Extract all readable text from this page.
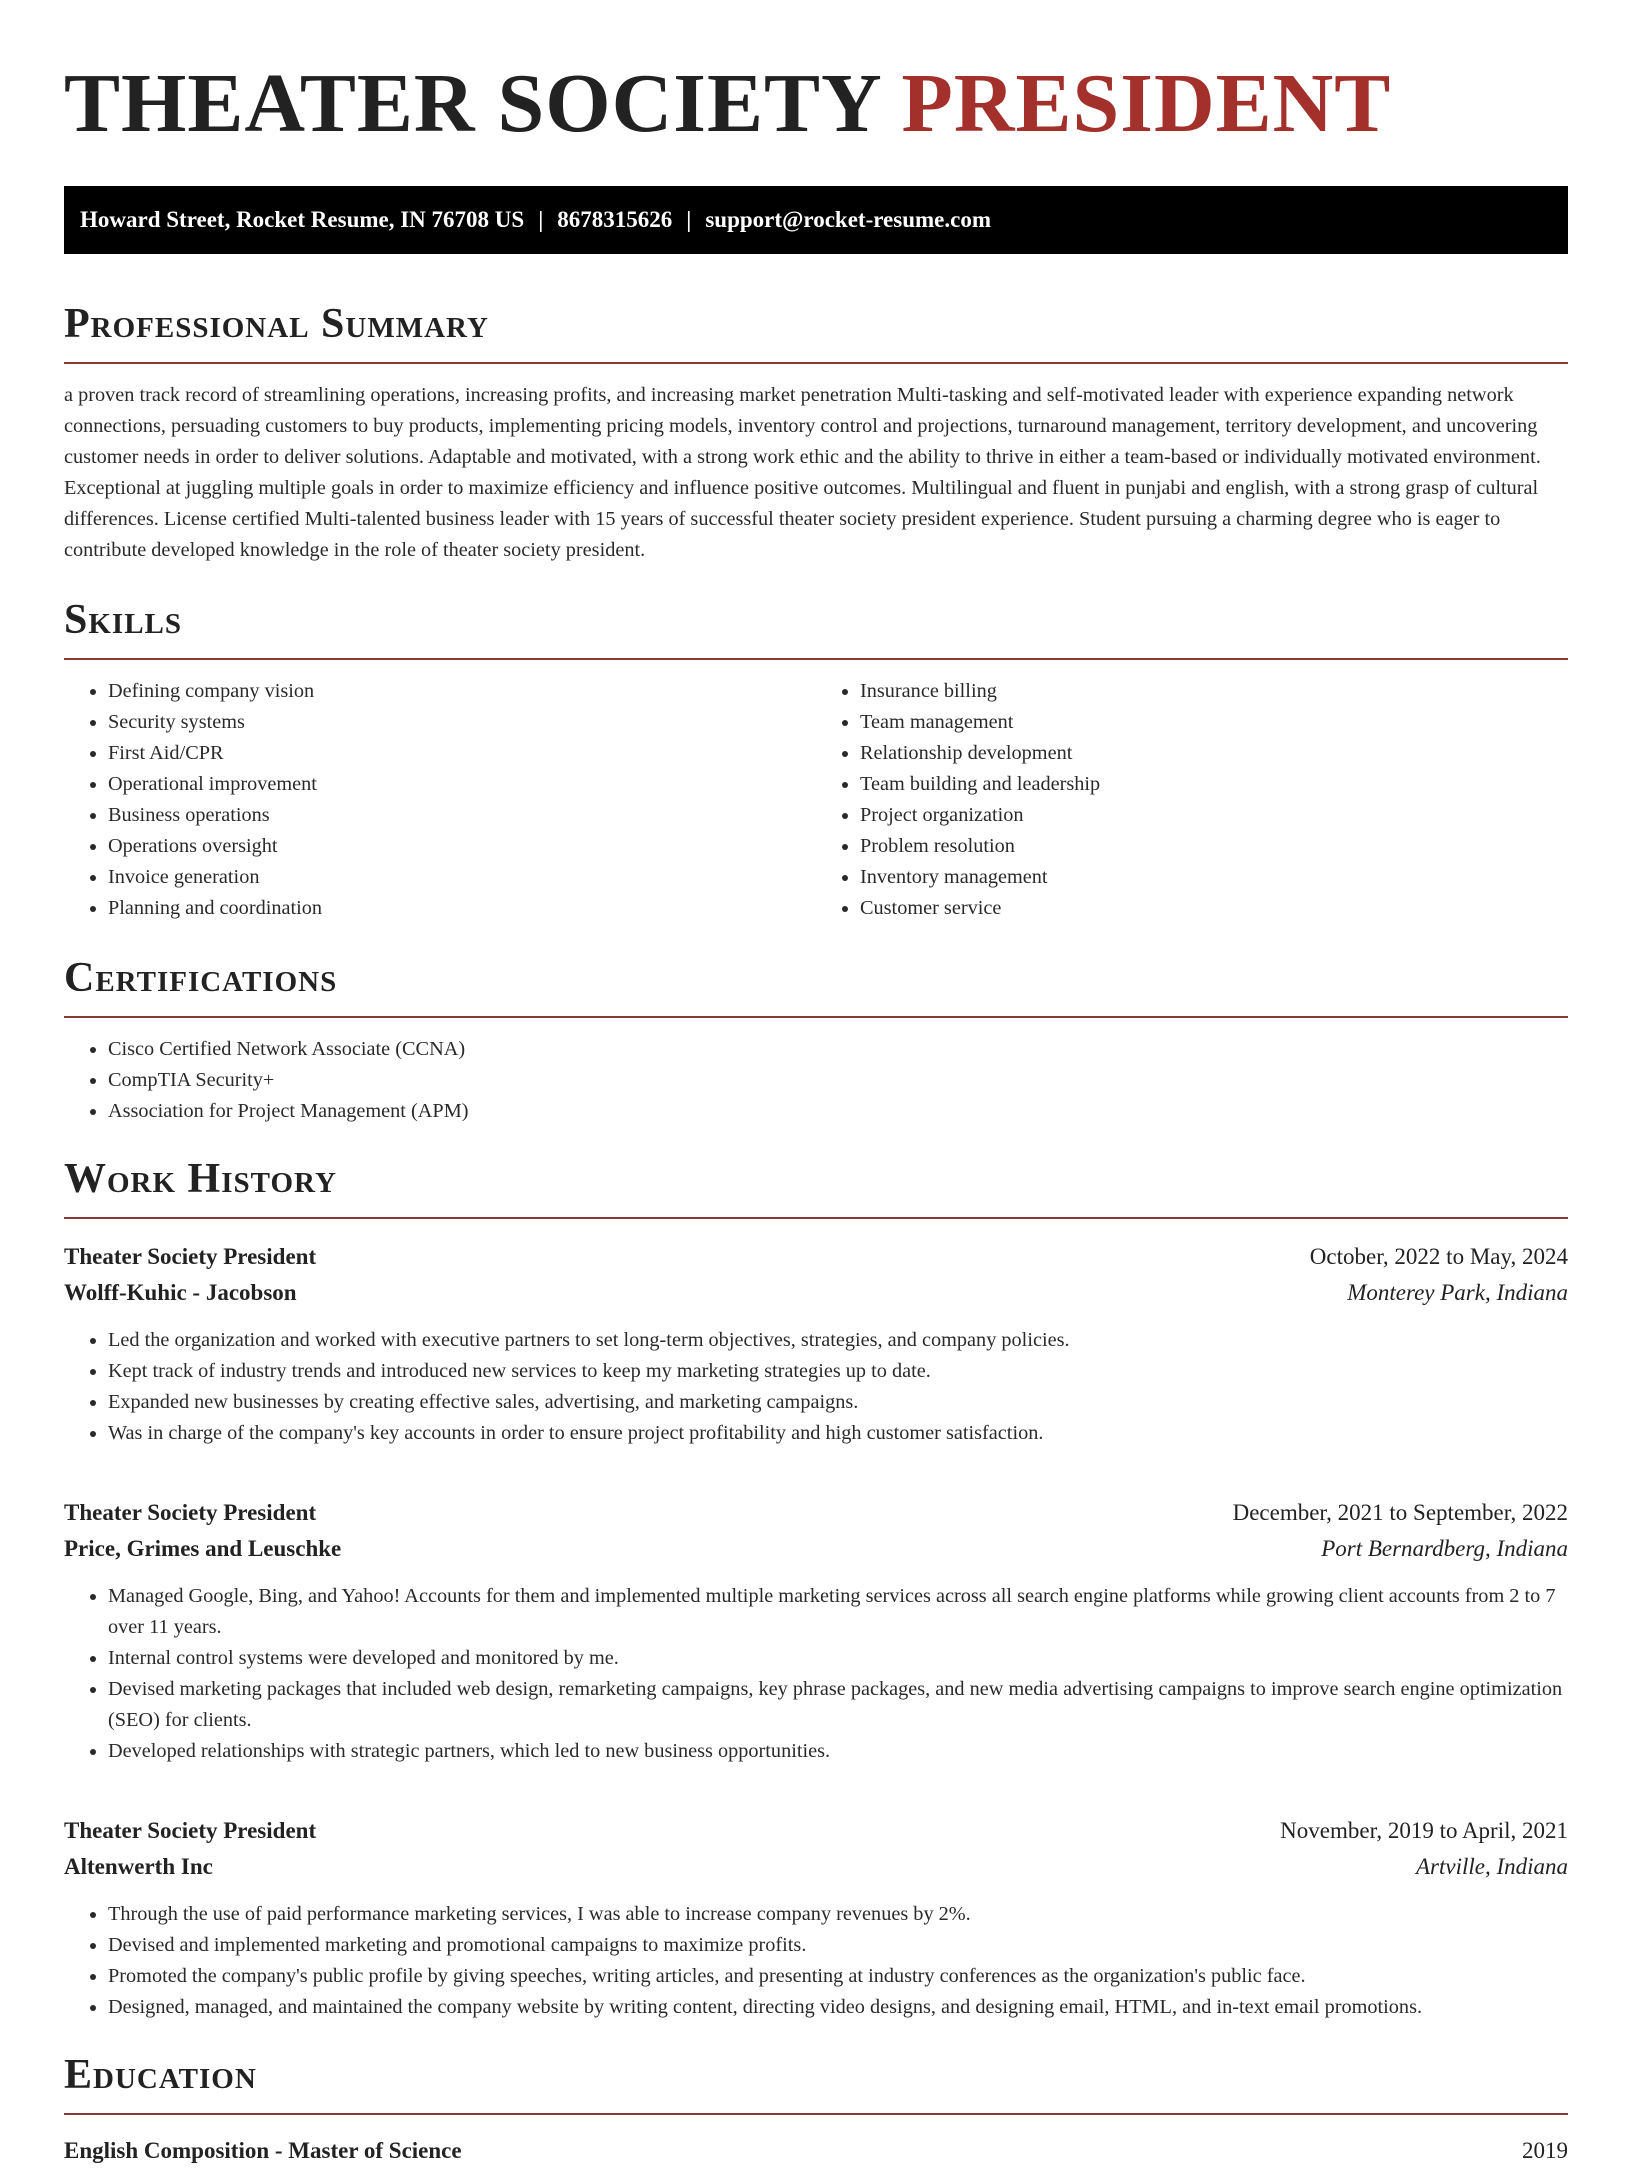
THEATER SOCIETY PRESIDENT
Howard Street, Rocket Resume, IN 76708 US | 8678315626 | support@rocket-resume.com
Professional Summary

a proven track record of streamlining operations, increasing profits, and increasing market penetration Multi-tasking and self-motivated leader with experience expanding network connections, persuading customers to buy products, implementing pricing models, inventory control and projections, turnaround management, territory development, and uncovering customer needs in order to deliver solutions. Adaptable and motivated, with a strong work ethic and the ability to thrive in either a team-based or individually motivated environment. Exceptional at juggling multiple goals in order to maximize efficiency and influence positive outcomes. Multilingual and fluent in punjabi and english, with a strong grasp of cultural differences. License certified Multi-talented business leader with 15 years of successful theater society president experience. Student pursuing a charming degree who is eager to contribute developed knowledge in the role of theater society president.

Skills
• Defining company vision
• Security systems
• First Aid/CPR
• Operational improvement
• Business operations
• Operations oversight
• Invoice generation
• Planning and coordination
• Insurance billing
• Team management
• Relationship development
• Team building and leadership
• Project organization
• Problem resolution
• Inventory management
• Customer service
Certifications
• Cisco Certified Network Associate (CCNA)
• CompTIA Security+
• Association for Project Management (APM)
Work History
Theater Society President	October, 2022 to May, 2024
Wolff-Kuhic - Jacobson	Monterey Park, Indiana
• Led the organization and worked with executive partners to set long-term objectives, strategies, and company policies.
• Kept track of industry trends and introduced new services to keep my marketing strategies up to date.
• Expanded new businesses by creating effective sales, advertising, and marketing campaigns.
• Was in charge of the company's key accounts in order to ensure project profitability and high customer satisfaction.
Theater Society President	December, 2021 to September, 2022
Price, Grimes and Leuschke	Port Bernardberg, Indiana
• Managed Google, Bing, and Yahoo! Accounts for them and implemented multiple marketing services across all search engine platforms while growing client accounts from 2 to 7 over 11 years.
• Internal control systems were developed and monitored by me.
• Devised marketing packages that included web design, remarketing campaigns, key phrase packages, and new media advertising campaigns to improve search engine optimization (SEO) for clients.
• Developed relationships with strategic partners, which led to new business opportunities.
Theater Society President	November, 2019 to April, 2021
Altenwerth Inc	Artville, Indiana
• Through the use of paid performance marketing services, I was able to increase company revenues by 2%.
• Devised and implemented marketing and promotional campaigns to maximize profits.
• Promoted the company's public profile by giving speeches, writing articles, and presenting at industry conferences as the organization's public face.
• Designed, managed, and maintained the company website by writing content, directing video designs, and designing email, HTML, and in-text email promotions.
Education
English Composition - Master of Science	2019
